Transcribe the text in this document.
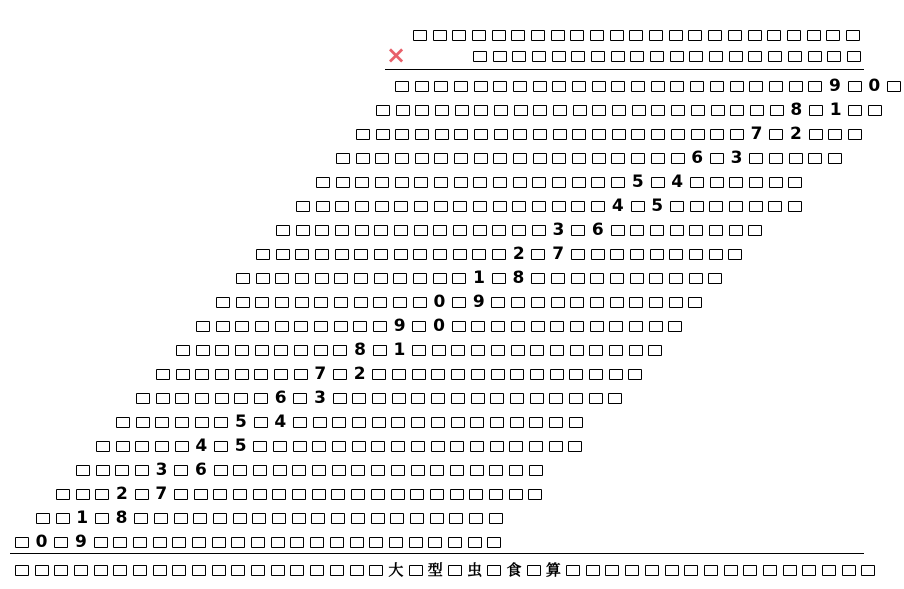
×
9 0
8 1
7 2
6 3
5 4
4 5
3 6
2 7
1 8
0 9
9 0
8 1
7 2
6 3
5 4
4 5
3 6
2 7
1 8
0 9
大 型 虫 食 算
